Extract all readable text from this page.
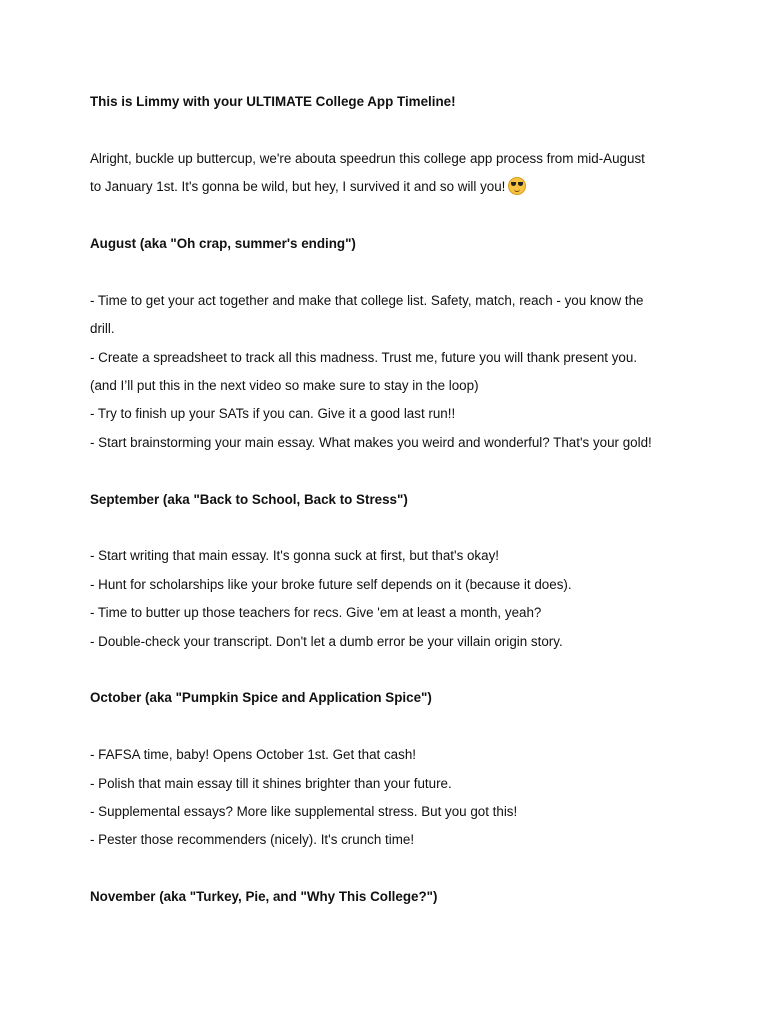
This is Limmy with your ULTIMATE College App Timeline!
Alright, buckle up buttercup, we're abouta speedrun this college app process from mid-August
to January 1st. It's gonna be wild, but hey, I survived it and so will you!
August (aka "Oh crap, summer's ending")
- Time to get your act together and make that college list. Safety, match, reach - you know the
drill.
- Create a spreadsheet to track all this madness. Trust me, future you will thank present you.
(and I’ll put this in the next video so make sure to stay in the loop)
- Try to finish up your SATs if you can. Give it a good last run!!
- Start brainstorming your main essay. What makes you weird and wonderful? That's your gold!
September (aka "Back to School, Back to Stress")
- Start writing that main essay. It's gonna suck at first, but that's okay!
- Hunt for scholarships like your broke future self depends on it (because it does).
- Time to butter up those teachers for recs. Give 'em at least a month, yeah?
- Double-check your transcript. Don't let a dumb error be your villain origin story.
October (aka "Pumpkin Spice and Application Spice")
- FAFSA time, baby! Opens October 1st. Get that cash!
- Polish that main essay till it shines brighter than your future.
- Supplemental essays? More like supplemental stress. But you got this!
- Pester those recommenders (nicely). It's crunch time!
November (aka "Turkey, Pie, and "Why This College?")
